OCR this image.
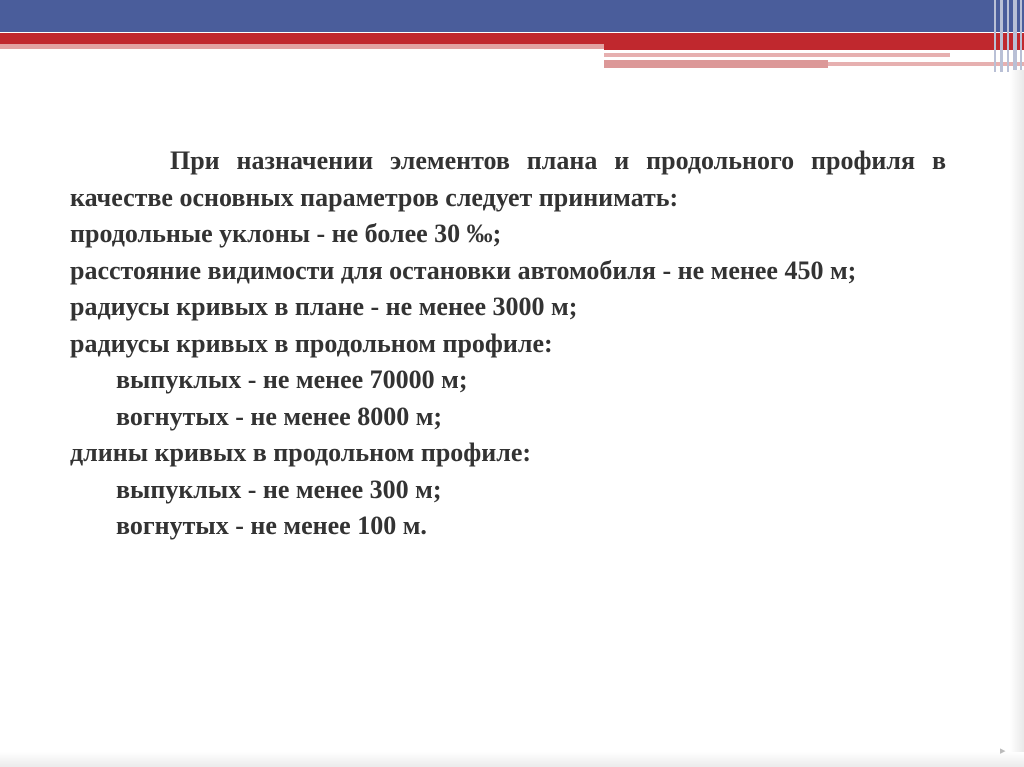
▸

При назначении элементов плана и продольного профиля в качестве основных параметров следует принимать:

продольные уклоны - не более 30 ‰;

расстояние видимости для остановки автомобиля - не менее 450 м;

радиусы кривых в плане - не менее 3000 м;

радиусы кривых в продольном профиле:

выпуклых - не менее 70000 м;

вогнутых - не менее 8000 м;

длины кривых в продольном профиле:

выпуклых - не менее 300 м;

вогнутых - не менее 100 м.
